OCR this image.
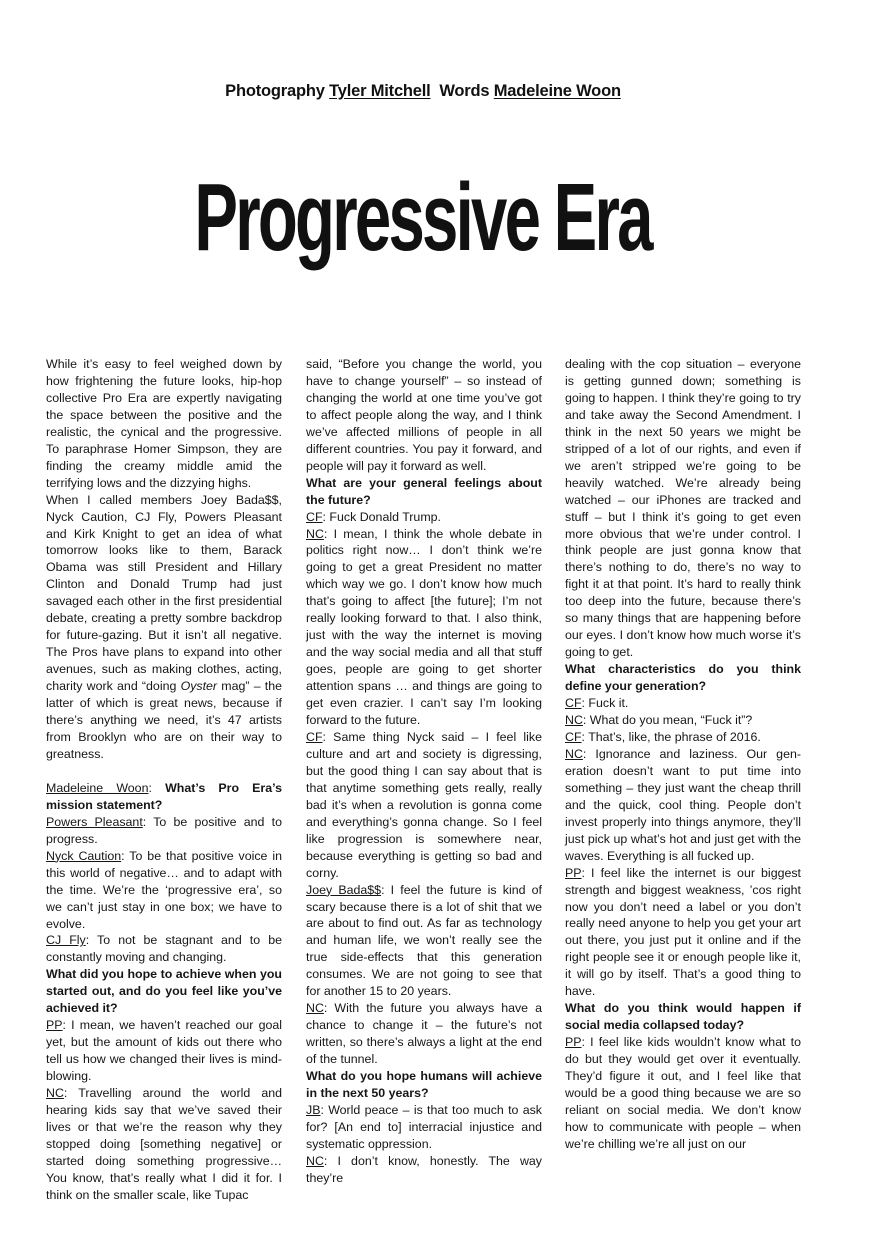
Photography Tyler Mitchell Words Madeleine Woon
Progressive Era

While it’s easy to feel weighed down by how frightening the future looks, hip-hop collective Pro Era are expertly navigating the space between the positive and the realistic, the cynical and the progressive. To paraphrase Homer Simpson, they are finding the creamy middle amid the terrifying lows and the dizzying highs.

When I called members Joey Bada$$, Nyck Caution, CJ Fly, Powers Pleasant and Kirk Knight to get an idea of what tomorrow looks like to them, Barack Obama was still President and Hillary Clinton and Donald Trump had just savaged each other in the first presidential debate, creating a pretty sombre backdrop for future-gazing. But it isn’t all negative. The Pros have plans to expand into other avenues, such as making clothes, acting, charity work and “doing Oyster mag” – the latter of which is great news, because if there’s anything we need, it’s 47 artists from Brooklyn who are on their way to greatness.

Madeleine Woon: What’s Pro Era’s mission statement?

Powers Pleasant: To be positive and to progress.

Nyck Caution: To be that positive voice in this world of negative… and to adapt with the time. We’re the ‘progressive era’, so we can’t just stay in one box; we have to evolve.

CJ Fly: To not be stagnant and to be constantly moving and changing.

What did you hope to achieve when you started out, and do you feel like you’ve achieved it?

PP: I mean, we haven’t reached our goal yet, but the amount of kids out there who tell us how we changed their lives is mind-blowing.

NC: Travelling around the world and hearing kids say that we’ve saved their lives or that we’re the reason why they stopped doing [something negative] or started doing something progressive… You know, that’s really what I did it for. I think on the smaller scale, like Tupac

said, “Before you change the world, you have to change yourself” – so instead of changing the world at one time you’ve got to affect people along the way, and I think we’ve affected millions of people in all different countries. You pay it forward, and people will pay it forward as well.

What are your general feelings about the future?

CF: Fuck Donald Trump.

NC: I mean, I think the whole debate in politics right now… I don’t think we’re going to get a great President no matter which way we go. I don’t know how much that’s going to affect [the future]; I’m not really looking forward to that. I also think, just with the way the internet is moving and the way social media and all that stuff goes, people are going to get shorter attention spans … and things are going to get even crazier. I can’t say I’m looking forward to the future.

CF: Same thing Nyck said – I feel like culture and art and society is digressing, but the good thing I can say about that is that anytime something gets really, really bad it’s when a revolution is gonna come and everything’s gonna change. So I feel like progression is somewhere near, because everything is getting so bad and corny.

Joey Bada$$: I feel the future is kind of scary because there is a lot of shit that we are about to find out. As far as technology and human life, we won’t really see the true side-effects that this generation consumes. We are not going to see that for another 15 to 20 years.

NC: With the future you always have a chance to change it – the future’s not written, so there’s always a light at the end of the tunnel.

What do you hope humans will achieve in the next 50 years?

JB: World peace – is that too much to ask for? [An end to] interracial injustice and systematic oppression.

NC: I don’t know, honestly. The way they’re

dealing with the cop situation – everyone is getting gunned down; something is going to happen. I think they’re going to try and take away the Second Amendment. I think in the next 50 years we might be stripped of a lot of our rights, and even if we aren’t stripped we’re going to be heavily watched. We’re already being watched – our iPhones are tracked and stuff – but I think it’s going to get even more obvious that we’re under control. I think people are just gonna know that there’s nothing to do, there’s no way to fight it at that point. It’s hard to really think too deep into the future, because there’s so many things that are happening before our eyes. I don’t know how much worse it’s going to get.

What characteristics do you think define your generation?

CF: Fuck it.

NC: What do you mean, “Fuck it”?

CF: That’s, like, the phrase of 2016.

NC: Ignorance and laziness. Our generation doesn’t want to put time into something – they just want the cheap thrill and the quick, cool thing. People don’t invest properly into things anymore, they’ll just pick up what’s hot and just get with the waves. Everything is all fucked up.

PP: I feel like the internet is our biggest strength and biggest weakness, ’cos right now you don’t need a label or you don’t really need anyone to help you get your art out there, you just put it online and if the right people see it or enough people like it, it will go by itself. That’s a good thing to have.

What do you think would happen if social media collapsed today?

PP: I feel like kids wouldn’t know what to do but they would get over it eventually. They’d figure it out, and I feel like that would be a good thing because we are so reliant on social media. We don’t know how to communicate with people – when we’re chilling we’re all just on our
